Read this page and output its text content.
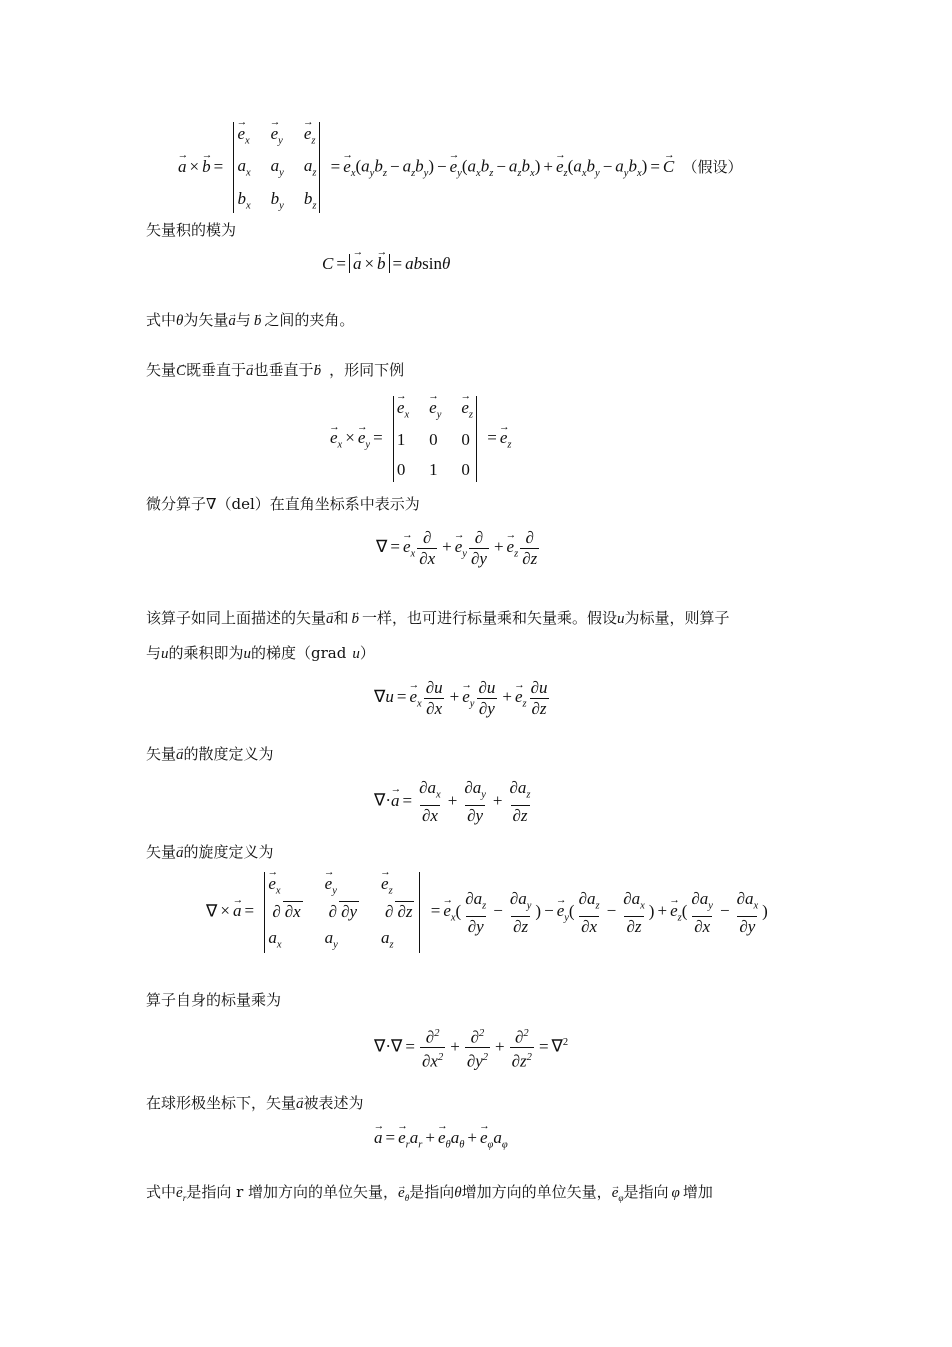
→ a ×→ b =
→ $e_x$
→ $e_y$
→ $e_z$
$a_x$ $a_y$ $a_z$
$b_x$ $b_y$ $b_z$
=→ $e_x(a_yb_z - a_zb_y) -\to e_y(a_xb_z - a_zb_x) +\to e_z(a_xb_y - a_yb_x) =\to C$ （假设）
矢量积的模为
C =→ a ×→ b = absinθ
式中θ为矢量→ a与→ b 之间的夹角。
矢量→ C既垂直于→ a也垂直于→ b ，形同下例
→ $e_x \times\to e_y$ =
→ $e_x$
→ $e_y$
→ $e_z$
1 0 0
0 1 0
=→ $e_z$
微分算子∇（del）在直角坐标系中表示为
∇ =→ $e_x \frac{\partial}{\partial x} +\to e_y \frac{\partial}{\partial y} +\to e_z \frac{\partial}{\partial z}$
该算子如同上面描述的矢量→ a和→ b 一样，也可进行标量乘和矢量乘。假设u为标量，则算子
与u的乘积即为u的梯度（grad u）
$\nabla u =\to e_x \frac{\partial u}{\partial x} +\to e_y \frac{\partial u}{\partial y} +\to e_z \frac{\partial u}{\partial z}$
矢量→ a的散度定义为
∇·→ $a = \frac{\partial a_x}{\partial x} + \frac{\partial a_y}{\partial y} + \frac{\partial a_z}{\partial z}$
矢量→ a的旋度定义为
∇ ×→ a =
→ $e_x$
→	$e_y$
→	$e_z$
∂ ∂x ∂ ∂y ∂ ∂z
$a_x$	$a_y$	$a_z$
=→ $e_x( \frac{\partial a_z}{\partial y} - \frac{\partial a_y}{\partial z}$ ) −→ $e_y( \frac{\partial a_z}{\partial x} - \frac{\partial a_x}{\partial z}$ ) +→ $e_z( \frac{\partial a_y}{\partial x} - \frac{\partial a_x}{\partial y}$ )
算子自身的标量乘为
∇·∇ = $\frac{\partial^2}{\partial x^2} + \frac{\partial^2}{\partial y^2} + \frac{\partial^2}{\partial z^2} = \nabla^2$
在球形极坐标下，矢量→ a被表述为
→ $a =\to e_ra_r +\to e_\theta a_\theta +\to e_\varphi a_\varphi$
式中→ $e_r$是指向 r 增加方向的单位矢量，→ $e_\theta$是指向θ增加方向的单位矢量，→ $e_\varphi$是指向 φ 增加
